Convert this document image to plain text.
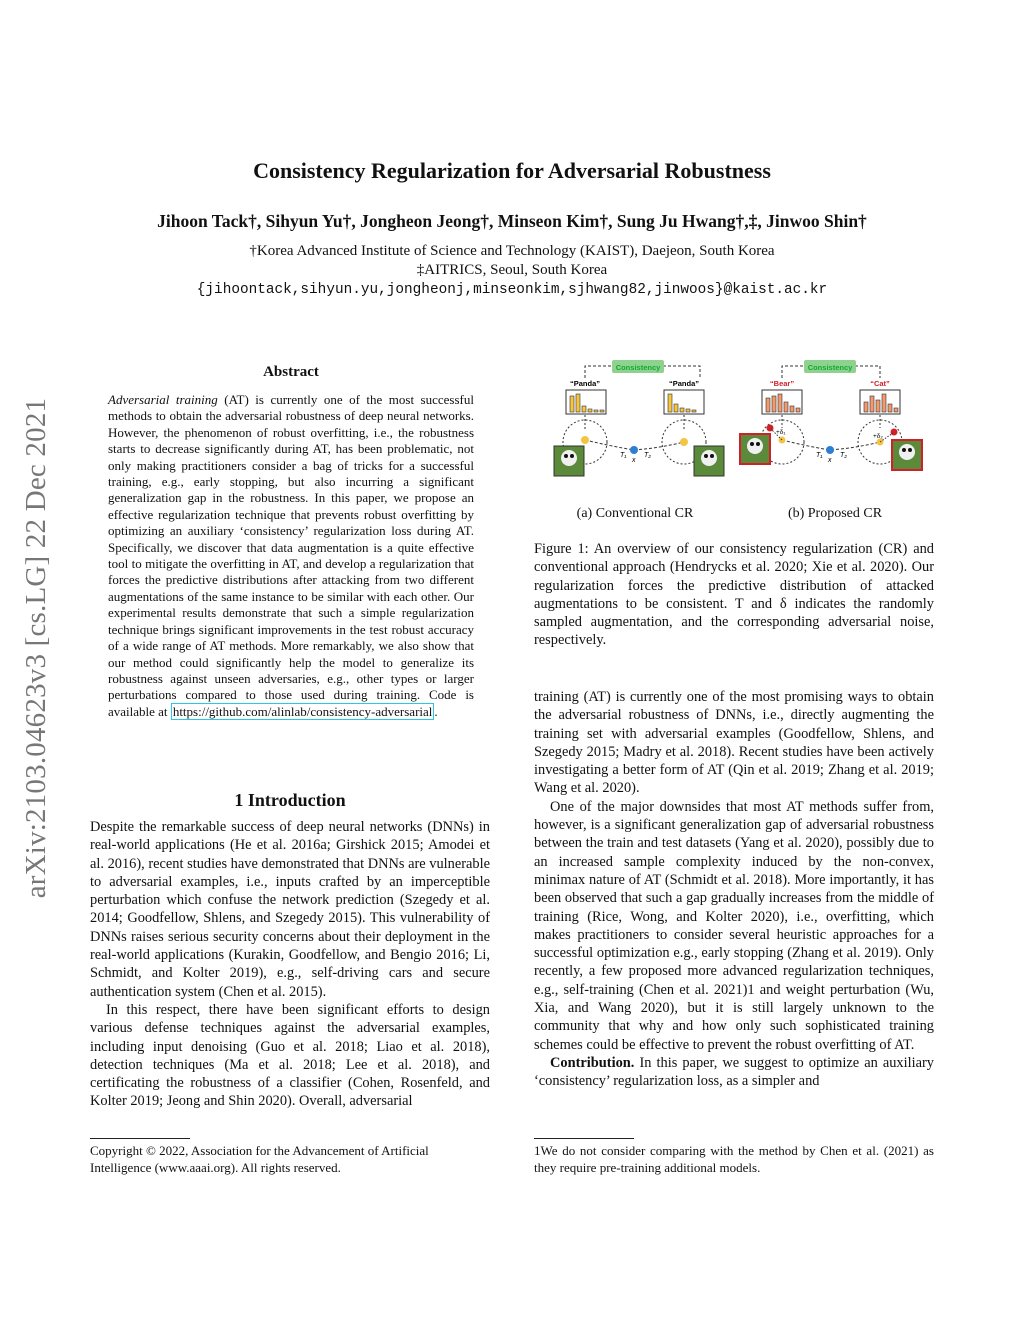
arXiv:2103.04623v3 [cs.LG] 22 Dec 2021
Consistency Regularization for Adversarial Robustness
Jihoon Tack†, Sihyun Yu†, Jongheon Jeong†, Minseon Kim†, Sung Ju Hwang†,‡, Jinwoo Shin†
†Korea Advanced Institute of Science and Technology (KAIST), Daejeon, South Korea
‡AITRICS, Seoul, South Korea
{jihoontack,sihyun.yu,jongheonj,minseonkim,sjhwang82,jinwoos}@kaist.ac.kr
Abstract
Adversarial training (AT) is currently one of the most successful methods to obtain the adversarial robustness of deep neural networks. However, the phenomenon of robust overfitting, i.e., the robustness starts to decrease significantly during AT, has been problematic, not only making practitioners consider a bag of tricks for a successful training, e.g., early stopping, but also incurring a significant generalization gap in the robustness. In this paper, we propose an effective regularization technique that prevents robust overfitting by optimizing an auxiliary ‘consistency’ regularization loss during AT. Specifically, we discover that data augmentation is a quite effective tool to mitigate the overfitting in AT, and develop a regularization that forces the predictive distributions after attacking from two different augmentations of the same instance to be similar with each other. Our experimental results demonstrate that such a simple regularization technique brings significant improvements in the test robust accuracy of a wide range of AT methods. More remarkably, we also show that our method could significantly help the model to generalize its robustness against unseen adversaries, e.g., other types or larger perturbations compared to those used during training. Code is available at https://github.com/alinlab/consistency-adversarial .
1 Introduction
Despite the remarkable success of deep neural networks (DNNs) in real-world applications (He et al. 2016a; Girshick 2015; Amodei et al. 2016), recent studies have demonstrated that DNNs are vulnerable to adversarial examples, i.e., inputs crafted by an imperceptible perturbation which confuse the network prediction (Szegedy et al. 2014; Goodfellow, Shlens, and Szegedy 2015). This vulnerability of DNNs raises serious security concerns about their deployment in the real-world applications (Kurakin, Goodfellow, and Bengio 2016; Li, Schmidt, and Kolter 2019), e.g., self-driving cars and secure authentication system (Chen et al. 2015).
In this respect, there have been significant efforts to design various defense techniques against the adversarial examples, including input denoising (Guo et al. 2018; Liao et al. 2018), detection techniques (Ma et al. 2018; Lee et al. 2018), and certificating the robustness of a classifier (Cohen, Rosenfeld, and Kolter 2019; Jeong and Shin 2020). Overall, adversarial
Copyright © 2022, Association for the Advancement of Artificial Intelligence (www.aaai.org). All rights reserved.
Consistency
“Panda”	“Panda”
T₁
x
T₂
Consistency
“Bear”	“Cat”
+δ₁
+δ₂
T₁
x
T₂
(a) Conventional CR	(b) Proposed CR
Figure 1: An overview of our consistency regularization (CR) and conventional approach (Hendrycks et al. 2020; Xie et al. 2020). Our regularization forces the predictive distribution of attacked augmentations to be consistent. T and δ indicates the randomly sampled augmentation, and the corresponding adversarial noise, respectively.
training (AT) is currently one of the most promising ways to obtain the adversarial robustness of DNNs, i.e., directly augmenting the training set with adversarial examples (Goodfellow, Shlens, and Szegedy 2015; Madry et al. 2018). Recent studies have been actively investigating a better form of AT (Qin et al. 2019; Zhang et al. 2019; Wang et al. 2020).
One of the major downsides that most AT methods suffer from, however, is a significant generalization gap of adversarial robustness between the train and test datasets (Yang et al. 2020), possibly due to an increased sample complexity induced by the non-convex, minimax nature of AT (Schmidt et al. 2018). More importantly, it has been observed that such a gap gradually increases from the middle of training (Rice, Wong, and Kolter 2020), i.e., overfitting, which makes practitioners to consider several heuristic approaches for a successful optimization e.g., early stopping (Zhang et al. 2019). Only recently, a few proposed more advanced regularization techniques, e.g., self-training (Chen et al. 2021)1 and weight perturbation (Wu, Xia, and Wang 2020), but it is still largely unknown to the community that why and how only such sophisticated training schemes could be effective to prevent the robust overfitting of AT.
Contribution. In this paper, we suggest to optimize an auxiliary ‘consistency’ regularization loss, as a simpler and
1We do not consider comparing with the method by Chen et al. (2021) as they require pre-training additional models.
